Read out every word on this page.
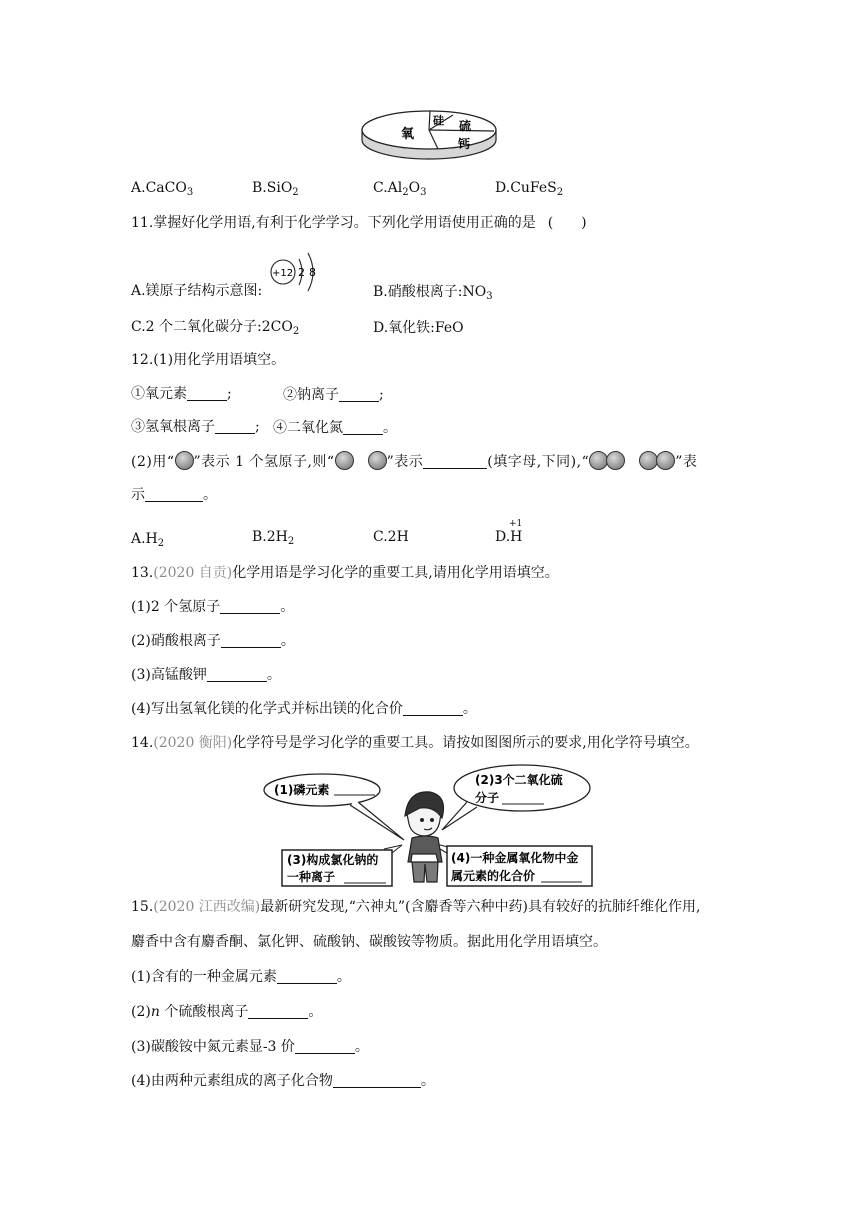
氧
硅 硫
钙
A.CaCO$_3$	B.SiO$_2$	$C.Al_2O_3$	D.CuFeS$_2$
11.掌握好化学用语,有利于化学学习。下列化学用语使用正确的是 (　　)
A.镁原子结构示意图:
+12 2 8
B.硝酸根离子$:NO_3$
C.2 个二氧化碳分子$:2CO_2$	D.氧化铁:FeO
12.(1)用化学用语填空。
①氧元素	;	②钠离子	;
③氢氧根离子	; ④二氧化氮	。
(2)用“ ”表示 1 个氢原子,则“	”表示	(填字母,下同),“	”表
示	。
$A.H_2$	$B.2H_2$	C.2H	D.H
+1
13.(2020 自贡)化学用语是学习化学的重要工具,请用化学用语填空。
(1)2 个氢原子	。
(2)硝酸根离子	。
(3)高锰酸钾	。
(4)写出氢氧化镁的化学式并标出镁的化合价	。
14.(2020 衡阳)化学符号是学习化学的重要工具。请按如图图所示的要求,用化学符号填空。
(1)磷元素
(2)3个二氧化硫
分子
(3)构成氯化钠的
一种离子
(4)一种金属氧化物中金
属元素的化合价
15.(2020 江西改编)最新研究发现,“六神丸”(含麝香等六种中药)具有较好的抗肺纤维化作用,
麝香中含有麝香酮、氯化钾、硫酸钠、碳酸铵等物质。据此用化学用语填空。
(1)含有的一种金属元素	。
(2)n 个硫酸根离子	。
(3)碳酸铵中氮元素显-3 价	。
(4)由两种元素组成的离子化合物	。
